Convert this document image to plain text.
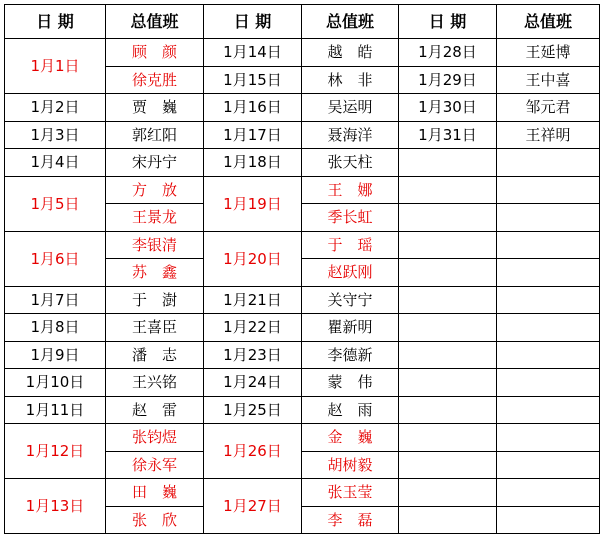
日 期	总值班	日 期	总值班	日 期	总值班
1月1日	顾　颜	1月14日	越　皓	1月28日	王延博
	徐克胜	1月15日	林　非	1月29日	王中喜
1月2日	贾　巍	1月16日	吴运明	1月30日	邹元君
1月3日	郭红阳	1月17日	聂海洋	1月31日	王祥明
1月4日	宋丹宁	1月18日	张天柱		
1月5日	方　放	1月19日	王　娜		
	王景龙		季长虹		
1月6日	李银清	1月20日	于　瑶		
	苏　鑫		赵跃刚		
1月7日	于　澍	1月21日	关守宁		
1月8日	王喜臣	1月22日	瞿新明		
1月9日	潘　志	1月23日	李德新		
1月10日	王兴铭	1月24日	蒙　伟		
1月11日	赵　雷	1月25日	赵　雨		
1月12日	张钧煜	1月26日	金　巍		
	徐永军		胡树毅		
1月13日	田　巍	1月27日	张玉莹		
	张　欣		李　磊		
